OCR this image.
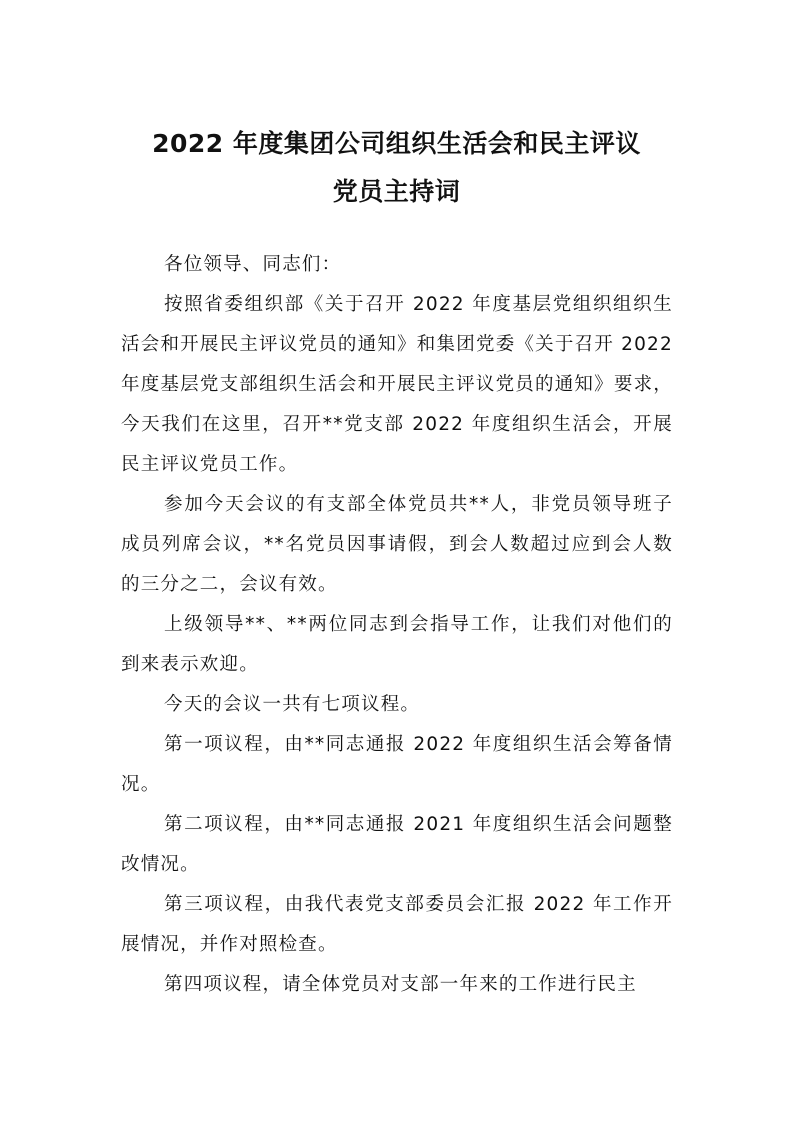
2022 年度集团公司组织生活会和民主评议
党员主持词

各位领导、同志们：

按照省委组织部《关于召开 2022 年度基层党组织组织生活会和开展民主评议党员的通知》和集团党委《关于召开 2022 年度基层党支部组织生活会和开展民主评议党员的通知》要求，今天我们在这里，召开**党支部 2022 年度组织生活会，开展民主评议党员工作。

参加今天会议的有支部全体党员共**人，非党员领导班子成员列席会议，**名党员因事请假，到会人数超过应到会人数的三分之二，会议有效。

上级领导**、**两位同志到会指导工作，让我们对他们的到来表示欢迎。

今天的会议一共有七项议程。

第一项议程，由**同志通报 2022 年度组织生活会筹备情况。

第二项议程，由**同志通报 2021 年度组织生活会问题整改情况。

第三项议程，由我代表党支部委员会汇报 2022 年工作开展情况，并作对照检查。

第四项议程，请全体党员对支部一年来的工作进行民主
